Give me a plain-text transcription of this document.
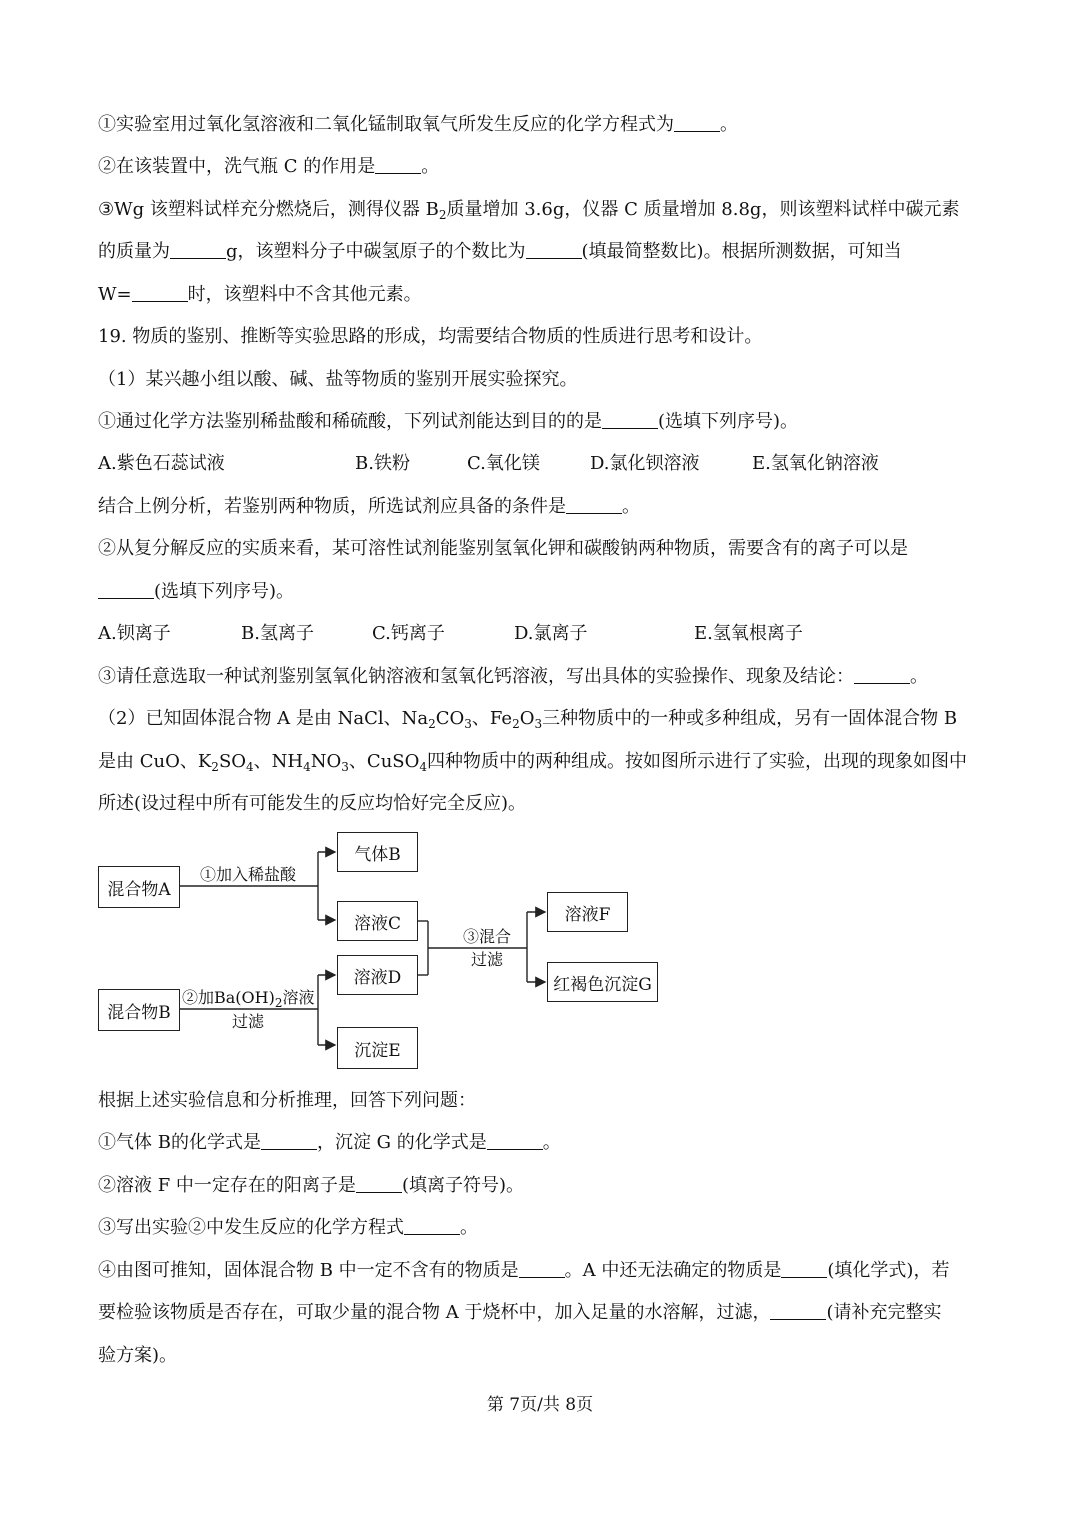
①实验室用过氧化氢溶液和二氧化锰制取氧气所发生反应的化学方程式为	。
②在该装置中，洗气瓶 C 的作用是	。
③Wg 该塑料试样充分燃烧后，测得仪器 $B_2$质量增加 3.6g，仪器 C 质量增加 8.8g，则该塑料试样中碳元素
的质量为	g，该塑料分子中碳氢原子的个数比为	(填最简整数比)。根据所测数据，可知当
W=	时，该塑料中不含其他元素。
19. 物质的鉴别、推断等实验思路的形成，均需要结合物质的性质进行思考和设计。
（1）某兴趣小组以酸、碱、盐等物质的鉴别开展实验探究。
①通过化学方法鉴别稀盐酸和稀硫酸，下列试剂能达到目的的是	(选填下列序号)。
A.紫色石蕊试液	B.铁粉	C.氧化镁	D.氯化钡溶液	E.氢氧化钠溶液
结合上例分析，若鉴别两种物质，所选试剂应具备的条件是	。
②从复分解反应的实质来看，某可溶性试剂能鉴别氢氧化钾和碳酸钠两种物质，需要含有的离子可以是
(选填下列序号)。
A.钡离子	B.氢离子	C.钙离子	D.氯离子	E.氢氧根离子
③请任意选取一种试剂鉴别氢氧化钠溶液和氢氧化钙溶液，写出具体的实验操作、现象及结论：	。
（2）已知固体混合物 A 是由 NaCl、$Na_2CO_3$、$Fe_2O_3$三种物质中的一种或多种组成，另有一固体混合物 B
是由 CuO、$K_2SO_4$、$NH_4NO_3$、CuSO$_4$四种物质中的两种组成。按如图所示进行了实验，出现的现象如图中
所述(设过程中所有可能发生的反应均恰好完全反应)。
混合物A
混合物B
气体B
溶液C
溶液D
沉淀E
溶液F
红褐色沉淀G
①加入稀盐酸
②加$Ba(OH)_2$溶液
过滤
③混合
过滤
根据上述实验信息和分析推理，回答下列问题：
①气体 B的化学式是	，沉淀 G 的化学式是	。
②溶液 F 中一定存在的阳离子是	(填离子符号)。
③写出实验②中发生反应的化学方程式	。
④由图可推知，固体混合物 B 中一定不含有的物质是	。A 中还无法确定的物质是	(填化学式)，若
要检验该物质是否存在，可取少量的混合物 A 于烧杯中，加入足量的水溶解，过滤，	(请补充完整实
验方案)。
第 7页/共 8页
